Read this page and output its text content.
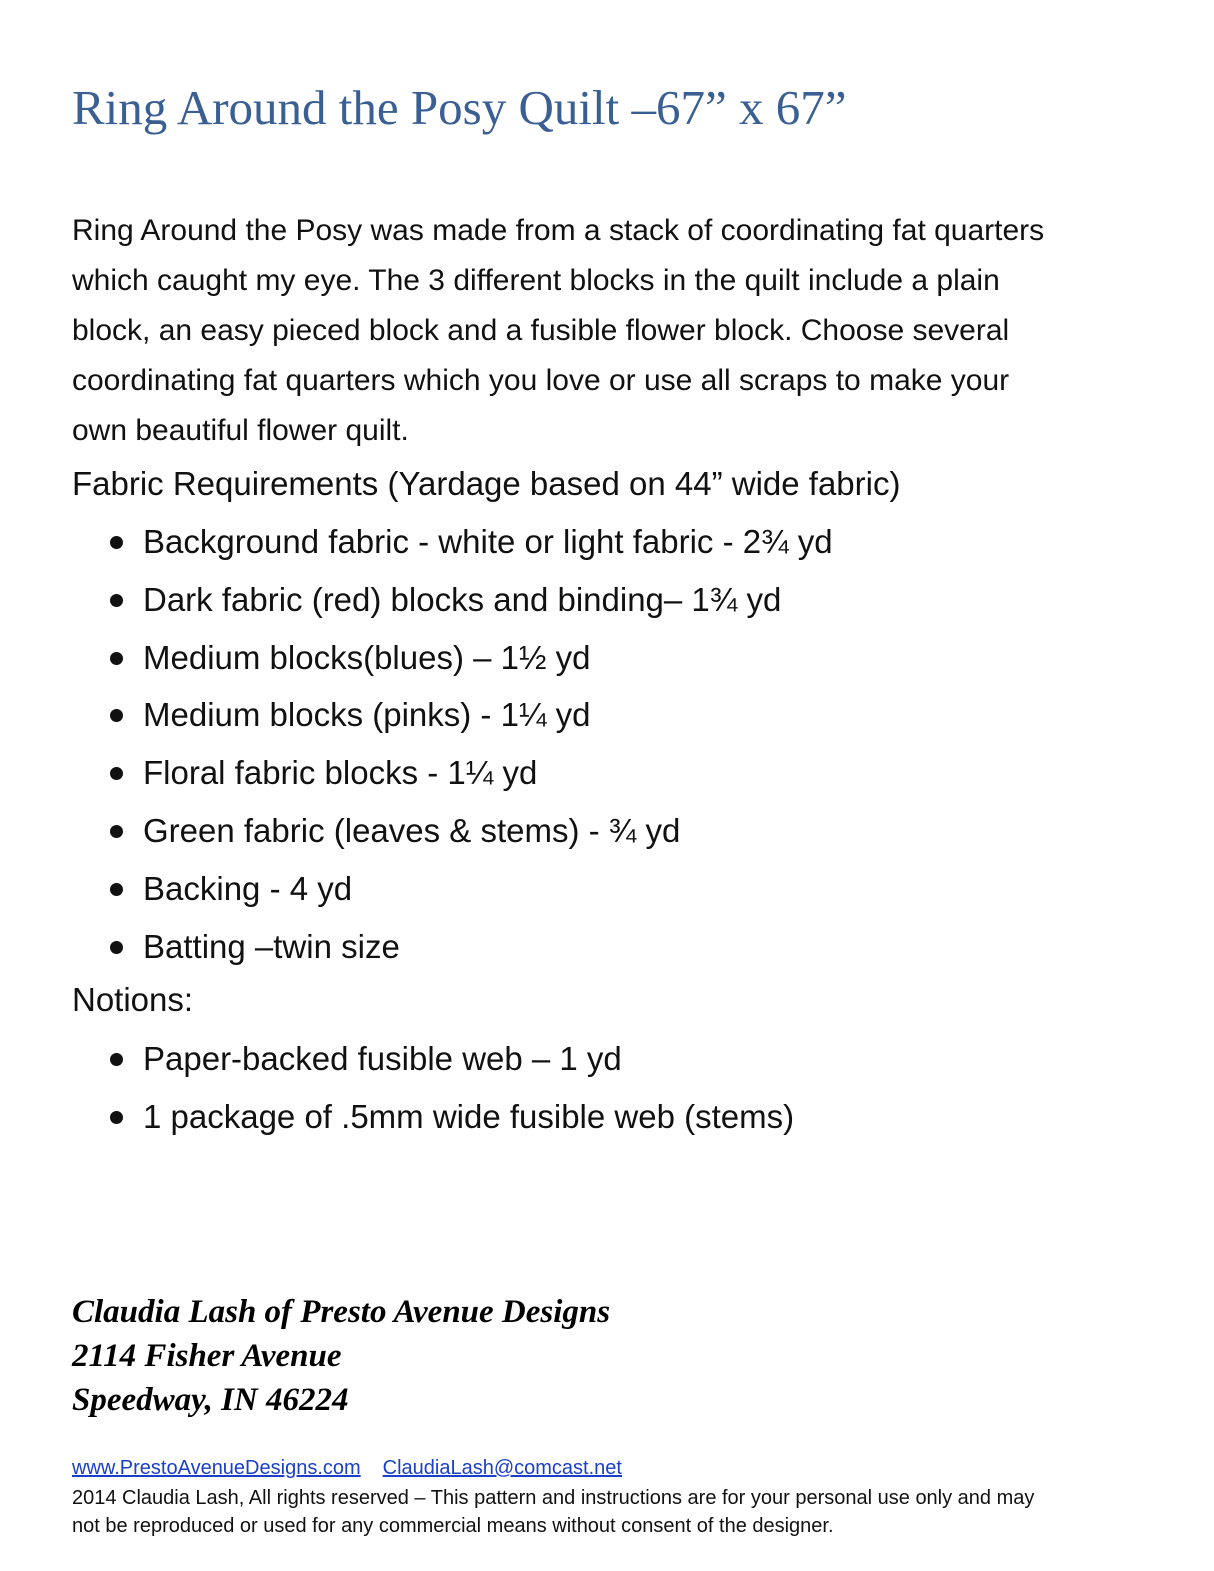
Ring Around the Posy Quilt –67” x 67”

Ring Around the Posy was made from a stack of coordinating fat quarters
which caught my eye. The 3 different blocks in the quilt include a plain
block, an easy pieced block and a fusible flower block. Choose several
coordinating fat quarters which you love or use all scraps to make your
own beautiful flower quilt.

Fabric Requirements (Yardage based on 44” wide fabric)
Background fabric - white or light fabric - 2¾ yd
Dark fabric (red) blocks and binding– 1¾ yd
Medium blocks(blues) – 1½ yd
Medium blocks (pinks) - 1¼ yd
Floral fabric blocks - 1¼ yd
Green fabric (leaves & stems) - ¾ yd
Backing - 4 yd
Batting –twin size
Notions:
Paper-backed fusible web – 1 yd
1 package of .5mm wide fusible web (stems)
Claudia Lash of Presto Avenue Designs
2114 Fisher Avenue
Speedway, IN 46224
www.PrestoAvenueDesigns.com ClaudiaLash@comcast.net

2014 Claudia Lash, All rights reserved – This pattern and instructions are for your personal use only and may
not be reproduced or used for any commercial means without consent of the designer.
